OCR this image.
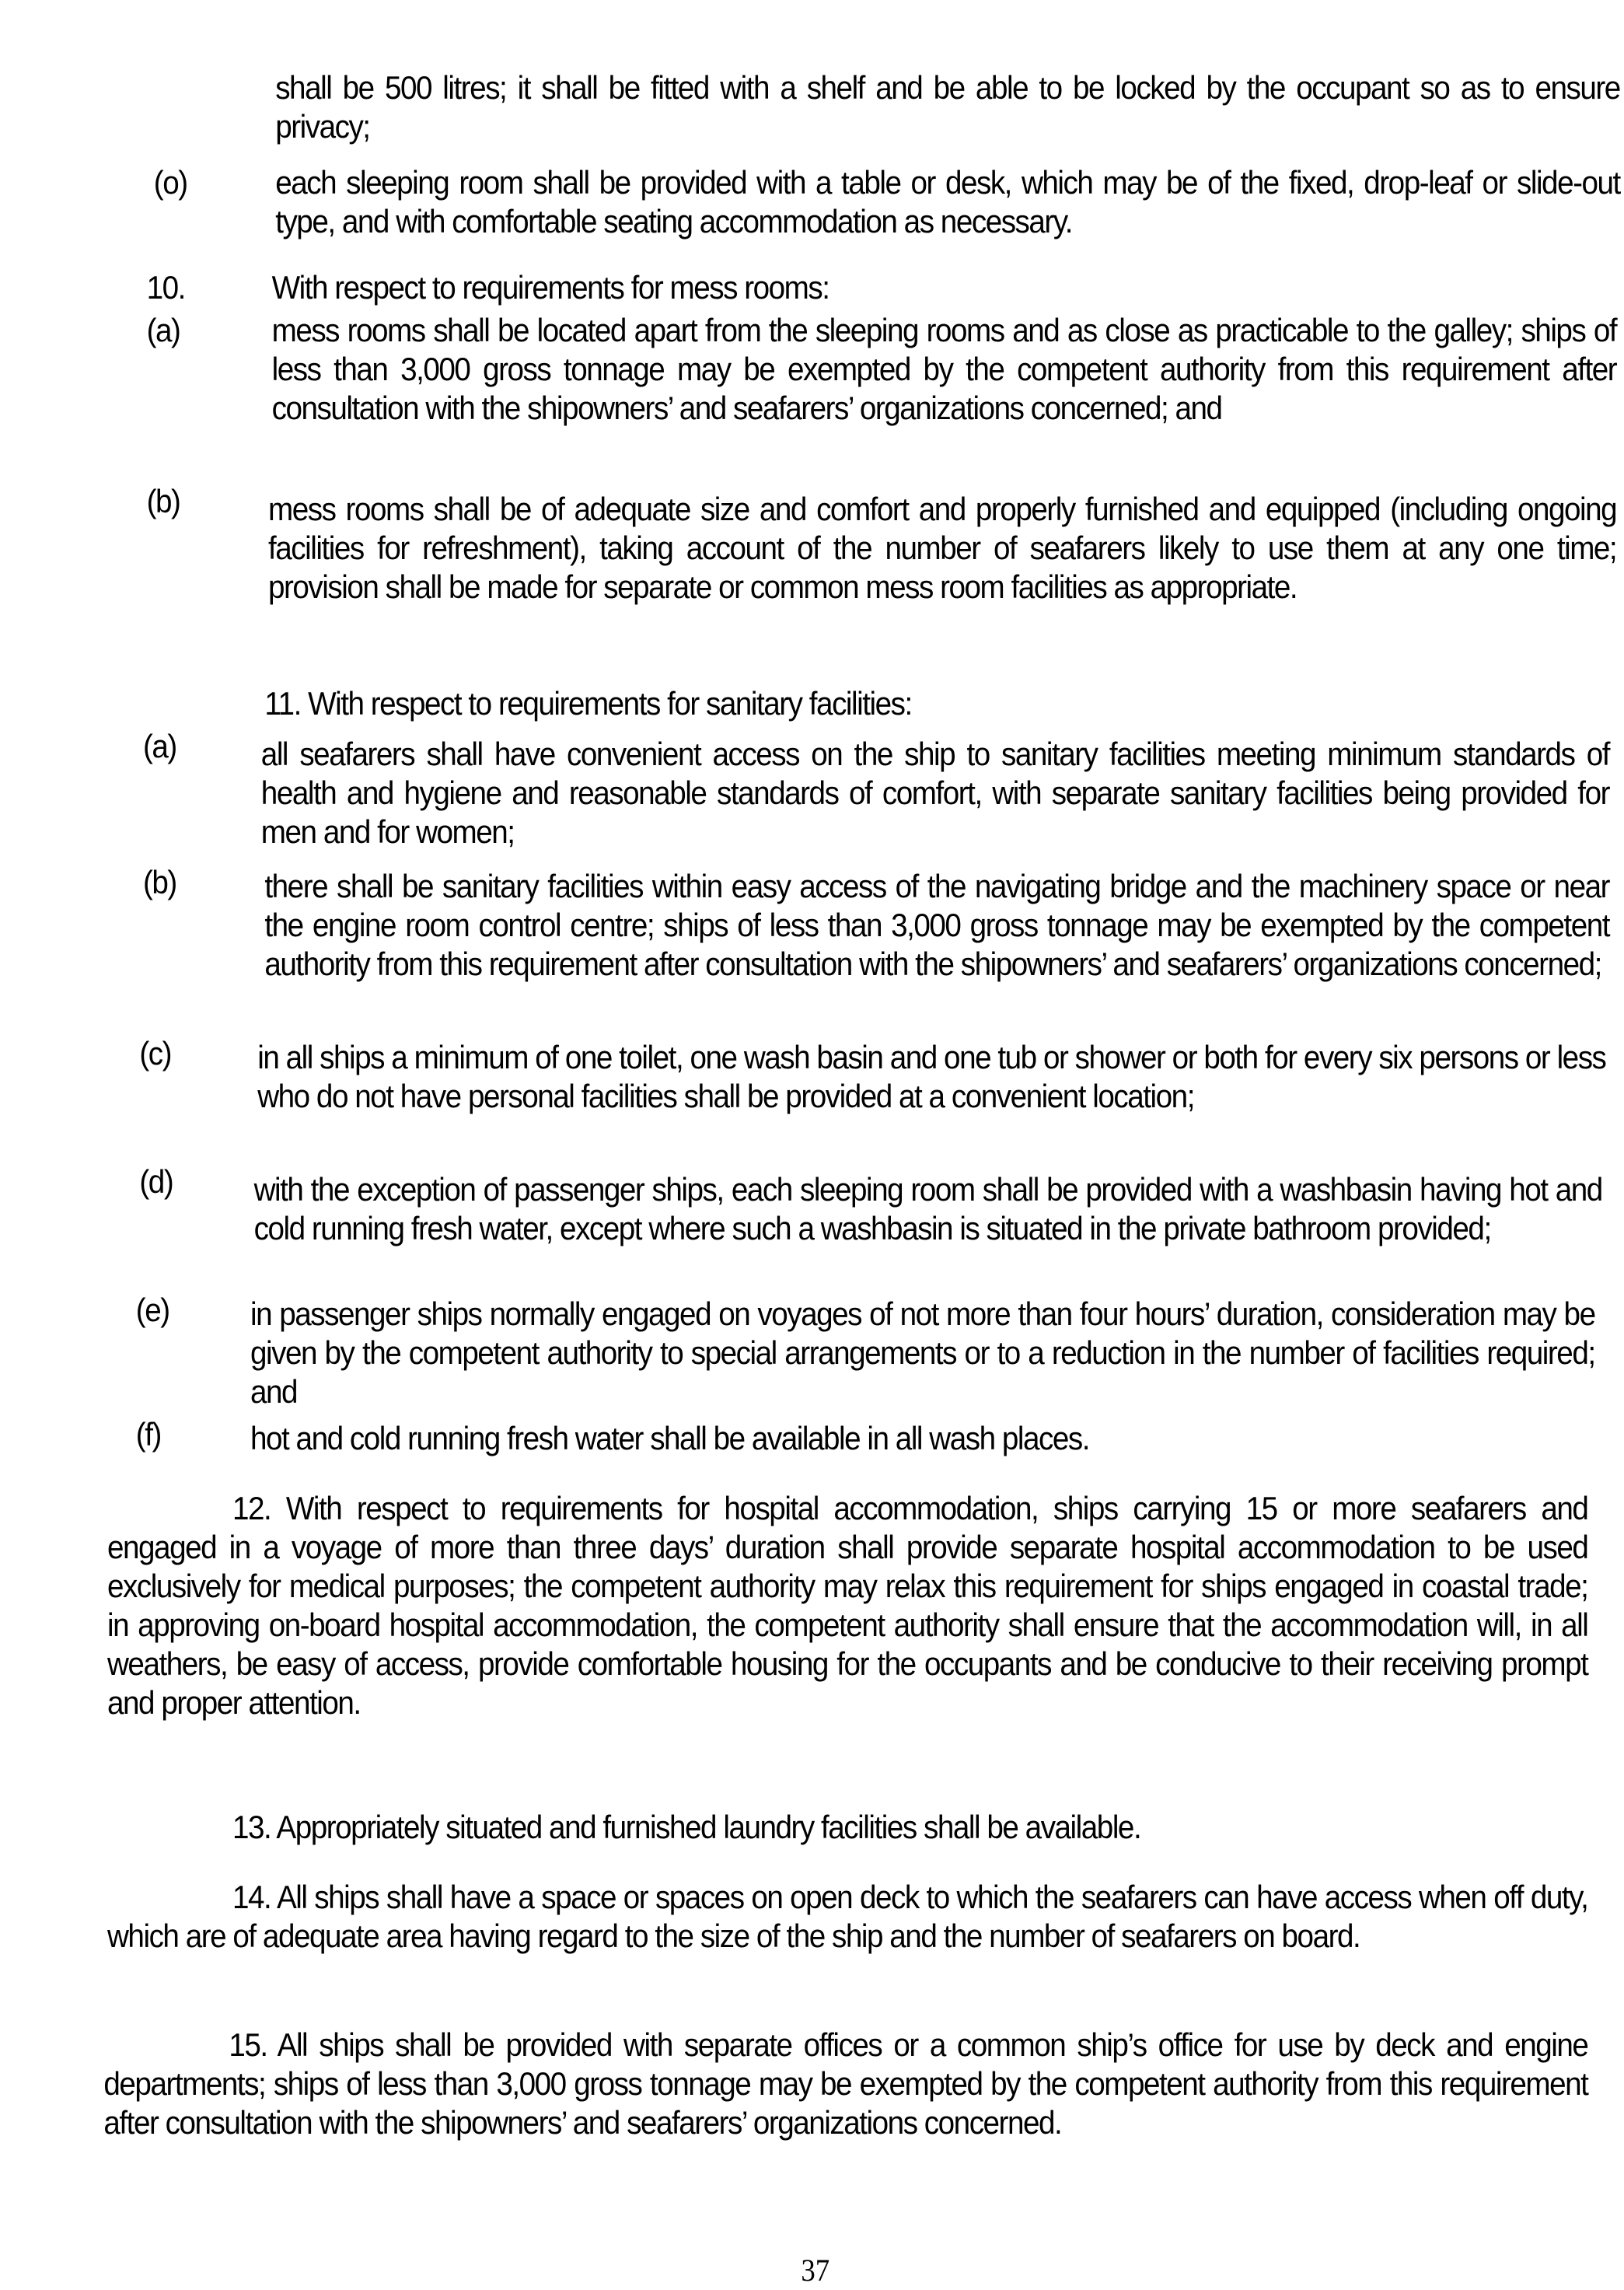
shall be 500 litres; it shall be fitted with a shelf and be able to be locked by the occupant so as to ensure privacy;
(o)	each sleeping room shall be provided with a table or desk, which may be of the fixed, drop-leaf or slide-out type, and with comfortable seating accommodation as necessary.
10.	With respect to requirements for mess rooms:
(a)	mess rooms shall be located apart from the sleeping rooms and as close as practicable to the galley; ships of less than 3,000 gross tonnage may be exempted by the competent authority from this requirement after consultation with the shipowners’ and seafarers’ organizations concerned; and
(b)	mess rooms shall be of adequate size and comfort and properly furnished and equipped (including ongoing facilities for refreshment), taking account of the number of seafarers likely to use them at any one time; provision shall be made for separate or common mess room facilities as appropriate.
11. With respect to requirements for sanitary facilities:
(a)	all seafarers shall have convenient access on the ship to sanitary facilities meeting minimum standards of health and hygiene and reasonable standards of comfort, with separate sanitary facilities being provided for men and for women;
(b)	there shall be sanitary facilities within easy access of the navigating bridge and the machinery space or near the engine room control centre; ships of less than 3,000 gross tonnage may be exempted by the competent authority from this requirement after consultation with the shipowners’ and seafarers’ organizations concerned;
(c)	in all ships a minimum of one toilet, one wash basin and one tub or shower or both for every six persons or less who do not have personal facilities shall be provided at a convenient location;
(d)	with the exception of passenger ships, each sleeping room shall be provided with a washbasin having hot and cold running fresh water, except where such a washbasin is situated in the private bathroom provided;
(e)	in passenger ships normally engaged on voyages of not more than four hours’ duration, consideration may be given by the competent authority to special arrangements or to a reduction in the number of facilities required; and
(f)	hot and cold running fresh water shall be available in all wash places.
12. With respect to requirements for hospital accommodation, ships carrying 15 or more seafarers and engaged in a voyage of more than three days’ duration shall provide separate hospital accommodation to be used exclusively for medical purposes; the competent authority may relax this requirement for ships engaged in coastal trade; in approving on-board hospital accommodation, the competent authority shall ensure that the accommodation will, in all weathers, be easy of access, provide comfortable housing for the occupants and be conducive to their receiving prompt and proper attention.
13. Appropriately situated and furnished laundry facilities shall be available.
14. All ships shall have a space or spaces on open deck to which the seafarers can have access when off duty, which are of adequate area having regard to the size of the ship and the number of seafarers on board.
15. All ships shall be provided with separate offices or a common ship’s office for use by deck and engine departments; ships of less than 3,000 gross tonnage may be exempted by the competent authority from this requirement after consultation with the shipowners’ and seafarers’ organizations concerned.
37
